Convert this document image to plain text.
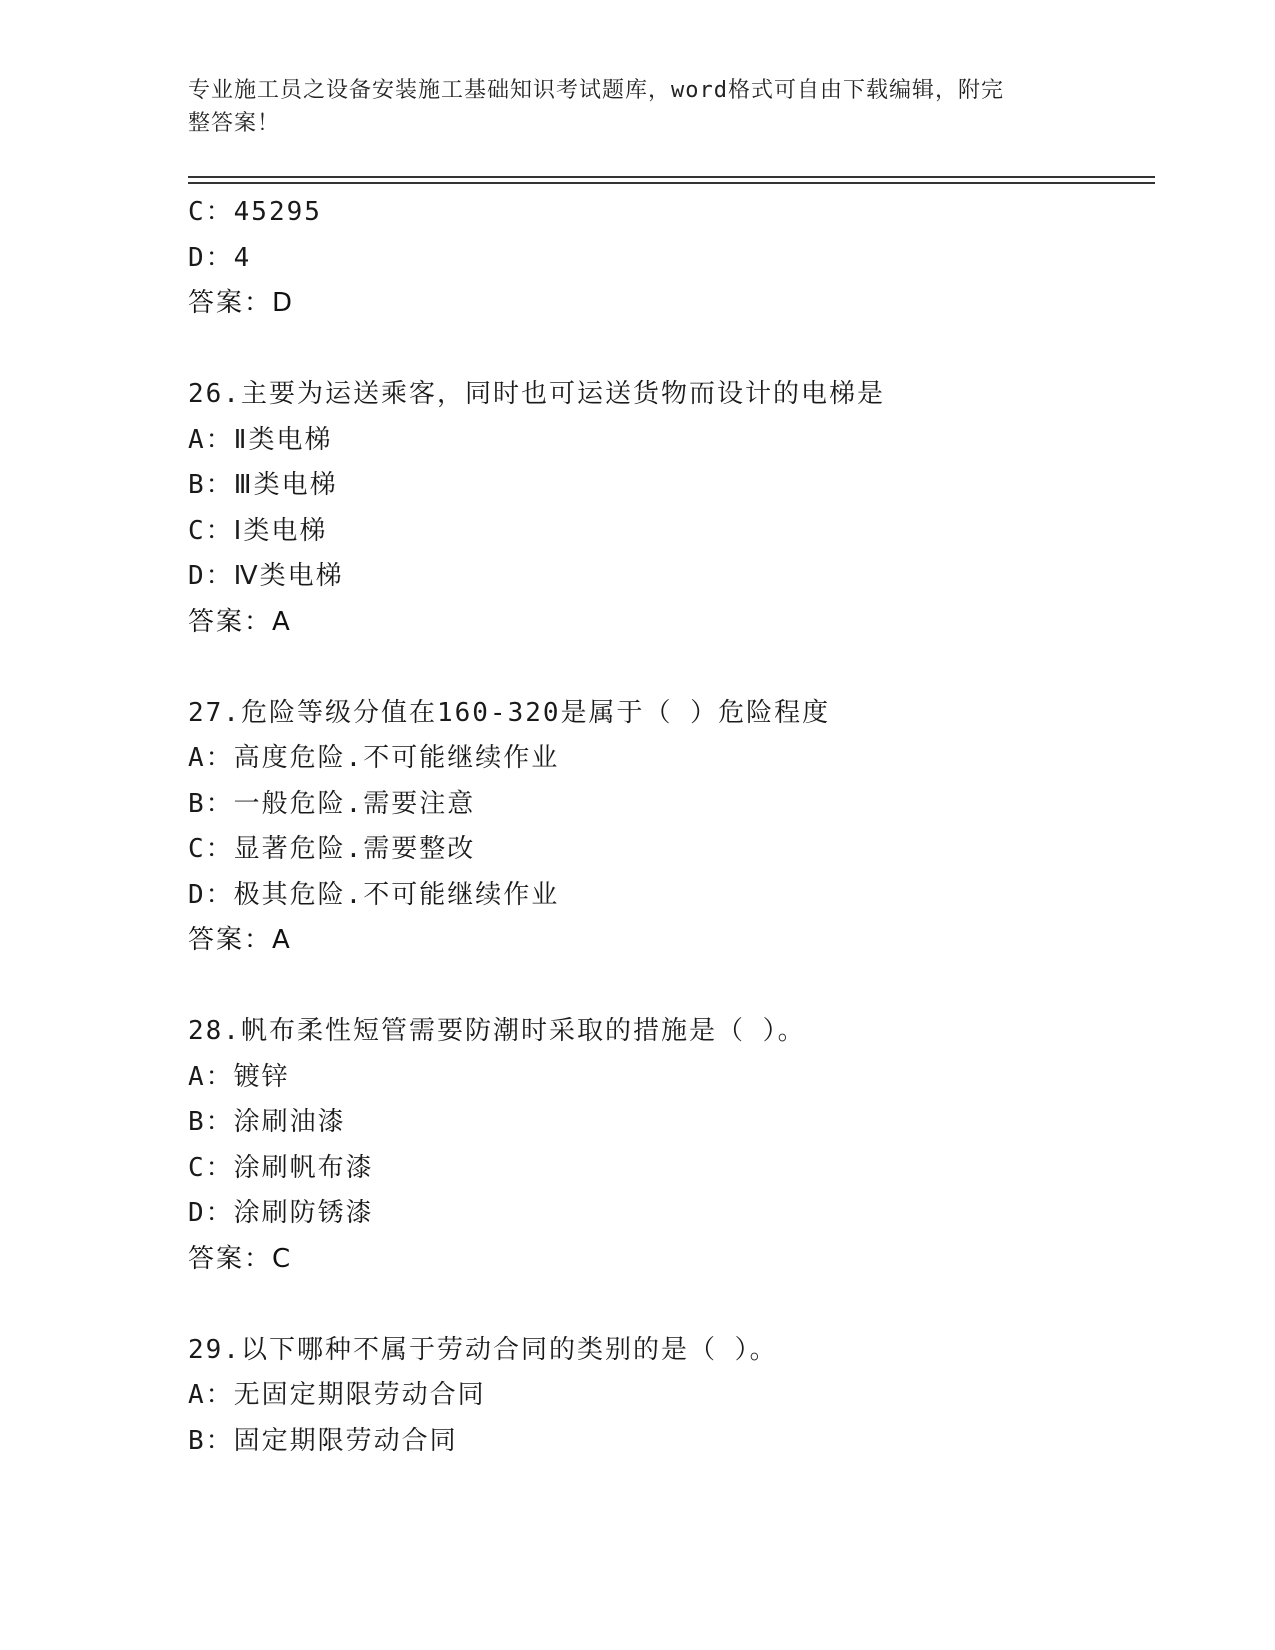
专业施工员之设备安装施工基础知识考试题库，word格式可自由下载编辑，附完
整答案！
C：45295
D：4
答案：D
26.主要为运送乘客，同时也可运送货物而设计的电梯是
A：Ⅱ类电梯
B：Ⅲ类电梯
C：Ⅰ类电梯
D：Ⅳ类电梯
答案：A
27.危险等级分值在160-320是属于（ ）危险程度
A：高度危险.不可能继续作业
B：一般危险.需要注意
C：显著危险.需要整改
D：极其危险.不可能继续作业
答案：A
28.帆布柔性短管需要防潮时采取的措施是（ ）。
A：镀锌
B：涂刷油漆
C：涂刷帆布漆
D：涂刷防锈漆
答案：C
29.以下哪种不属于劳动合同的类别的是（ ）。
A：无固定期限劳动合同
B：固定期限劳动合同
